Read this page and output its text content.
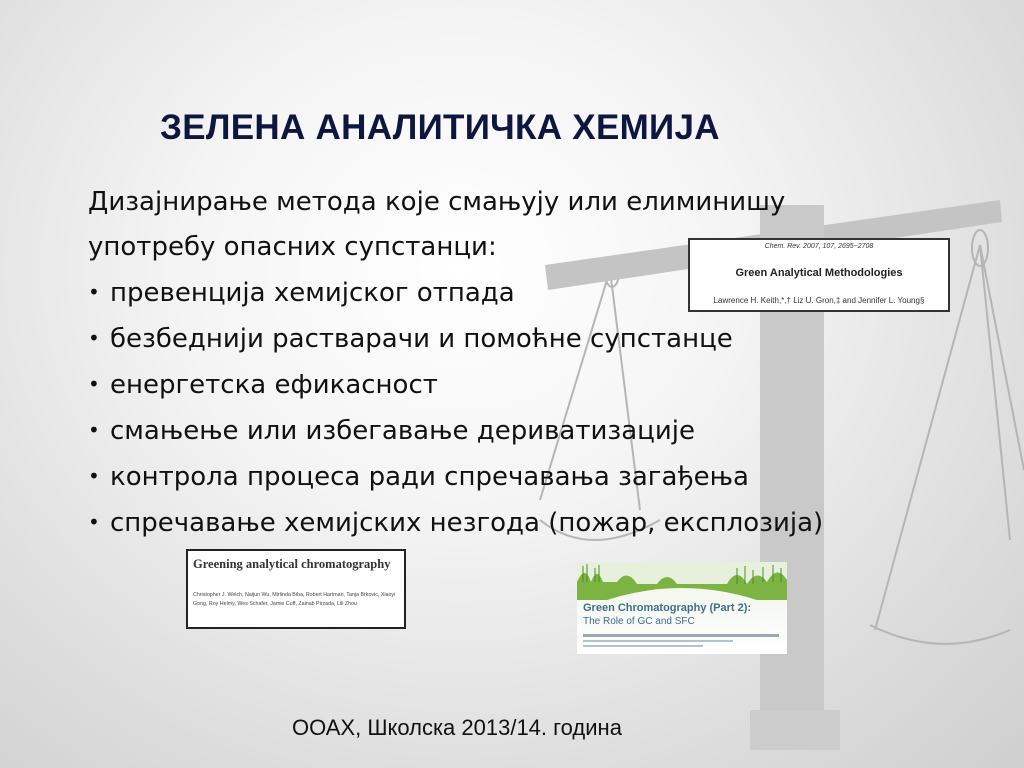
ЗЕЛЕНА АНАЛИТИЧКА ХЕМИЈА
Дизајнирање метода које смањују или елиминишу
употребу опасних супстанци:
• превенција хемијског отпада
• безбеднији растварачи и помоћне супстанце
• енергетска ефикасност
• смањење или избегавање дериватизације
• контрола процеса ради спречавања загађења
• спречавање хемијских незгода (пожар, експлозија)
Chem. Rev. 2007, 107, 2695−2708
Green Analytical Methodologies
Lawrence H. Keith,*,† Liz U. Gron,‡ and Jennifer L. Young§
Greening analytical chromatography
Christopher J. Welch, Naijun Wu, Mirlinda Biba, Robert Hartman, Tanja Brkovic, Xiaoyi Gong, Roy Helmy, Wes Schafer, Jamie Cuff, Zainab Pirzada, Lili Zhou	Green Chromatography (Part 2):
The Role of GC and SFC
ООАХ, Школска 2013/14. година
